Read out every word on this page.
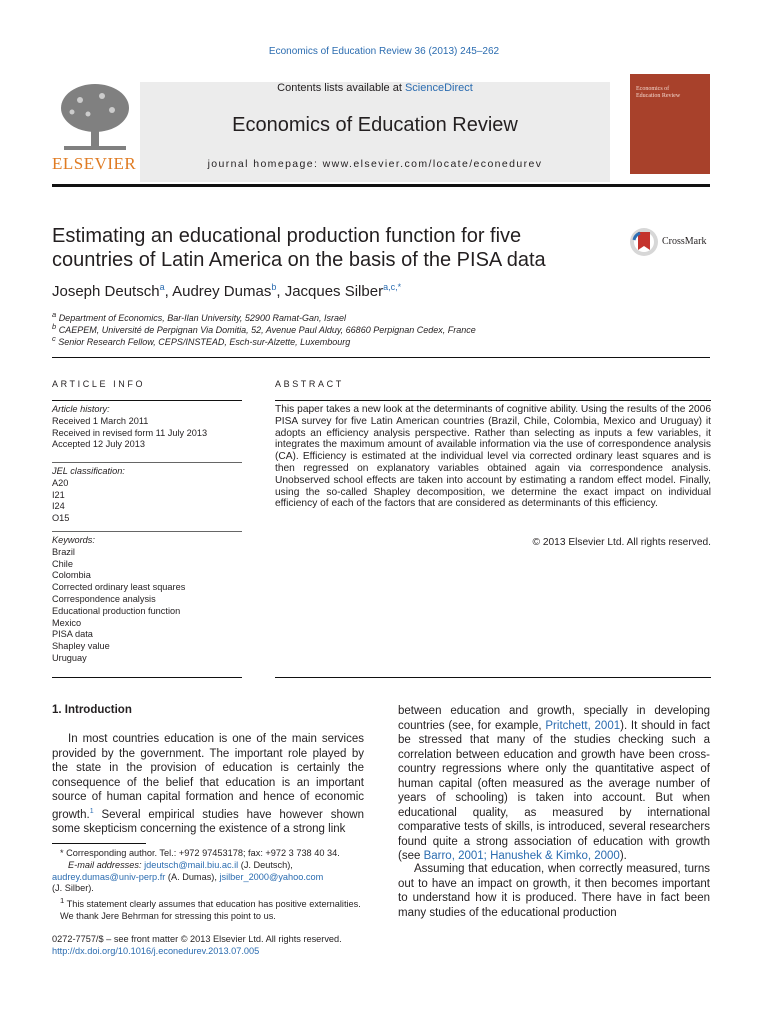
Economics of Education Review 36 (2013) 245–262
Contents lists available at ScienceDirect
Economics of Education Review
journal homepage: www.elsevier.com/locate/econedurev
ELSEVIER
Economics of Education Review
Estimating an educational production function for five
countries of Latin America on the basis of the PISA data
CrossMark
Joseph Deutsch$^a$, Audrey Dumas$^b$, Jacques Silber$^{a,c,*}$
$^a$ Department of Economics, Bar-Ilan University, 52900 Ramat-Gan, Israel
$^b$ CAEPEM, Université de Perpignan Via Domitia, 52, Avenue Paul Alduy, 66860 Perpignan Cedex, France
$^c$ Senior Research Fellow, CEPS/INSTEAD, Esch-sur-Alzette, Luxembourg
ARTICLE INFO
Article history:
Received 1 March 2011
Received in revised form 11 July 2013
Accepted 12 July 2013
JEL classification:
A20
I21
I24
O15
Keywords:
Brazil
Chile
Colombia
Corrected ordinary least squares
Correspondence analysis
Educational production function
Mexico
PISA data
Shapley value
Uruguay
ABSTRACT
This paper takes a new look at the determinants of cognitive ability. Using the results of the 2006 PISA survey for five Latin American countries (Brazil, Chile, Colombia, Mexico and Uruguay) it adopts an efficiency analysis perspective. Rather than selecting as inputs a few variables, it integrates the maximum amount of available information via the use of correspondence analysis (CA). Efficiency is estimated at the individual level via corrected ordinary least squares and is then regressed on explanatory variables obtained again via correspondence analysis. Unobserved school effects are taken into account by estimating a random effect model. Finally, using the so-called Shapley decomposition, we determine the exact impact on individual efficiency of each of the factors that are considered as determinants of this efficiency.
© 2013 Elsevier Ltd. All rights reserved.
1. Introduction
In most countries education is one of the main services provided by the government. The important role played by the state in the provision of education is certainly the consequence of the belief that education is an important source of human capital formation and hence of economic growth.$^1$ Several empirical studies have however shown some skepticism concerning the existence of a strong link
between education and growth, specially in developing countries (see, for example, Pritchett, 2001). It should in fact be stressed that many of the studies checking such a correlation between education and growth have been cross-country regressions where only the quantitative aspect of human capital (often measured as the average number of years of schooling) is taken into account. But when educational quality, as measured by international comparative tests of skills, is introduced, several researchers found quite a strong association of education with growth (see Barro, 2001; Hanushek & Kimko, 2000).
Assuming that education, when correctly measured, turns out to have an impact on growth, it then becomes important to understand how it is produced. There have in fact been many studies of the educational production
* Corresponding author. Tel.: +972 97453178; fax: +972 3 738 40 34.
E-mail addresses: jdeutsch@mail.biu.ac.il (J. Deutsch),
audrey.dumas@univ-perp.fr (A. Dumas), jsilber_2000@yahoo.com
(J. Silber).
$^1$ This statement clearly assumes that education has positive externalities. We thank Jere Behrman for stressing this point to us.
0272-7757/$ – see front matter © 2013 Elsevier Ltd. All rights reserved.
http://dx.doi.org/10.1016/j.econedurev.2013.07.005
